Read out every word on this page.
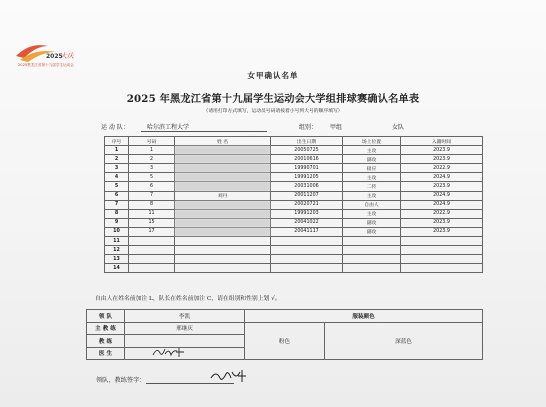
2025
大庆
2025黑龙江省第十九届学生运动会
女甲确认名单
2025 年黑龙江省第十九届学生运动会大学组排球赛确认名单表
（请用打印方式填写，运动员号码请按着小号到大号的顺序填写）
运 动 队：	哈尔滨工程大学	组别： 甲组	女队
序号	号码	姓 名	出生日期	场上位置	入籍时间
1	1		20050725	主攻	2023.9
2	2		20010616	副攻	2023.9
3	3		19990701	接应	2022.9
4	5		19991205	主攻	2024.9
5	6		20031006	二传	2023.9
6	7	刘丹	20011207	主攻	2024.9
7	8		20020721	自由人	2024.9
8	11		19991203	主攻	2022.9
9	15		20041022	副攻	2023.9
10	17		20041117	副攻	2023.9
11					
12					
13					
14					
自由人在姓名前加注 L，队长在姓名前加注 C，请在组别和性别上划 √。
领 队	李凯	服装颜色	
主 教 练	邢继庆	粉色	深蓝色
教 练			
医 生	
领队、教练签字：
